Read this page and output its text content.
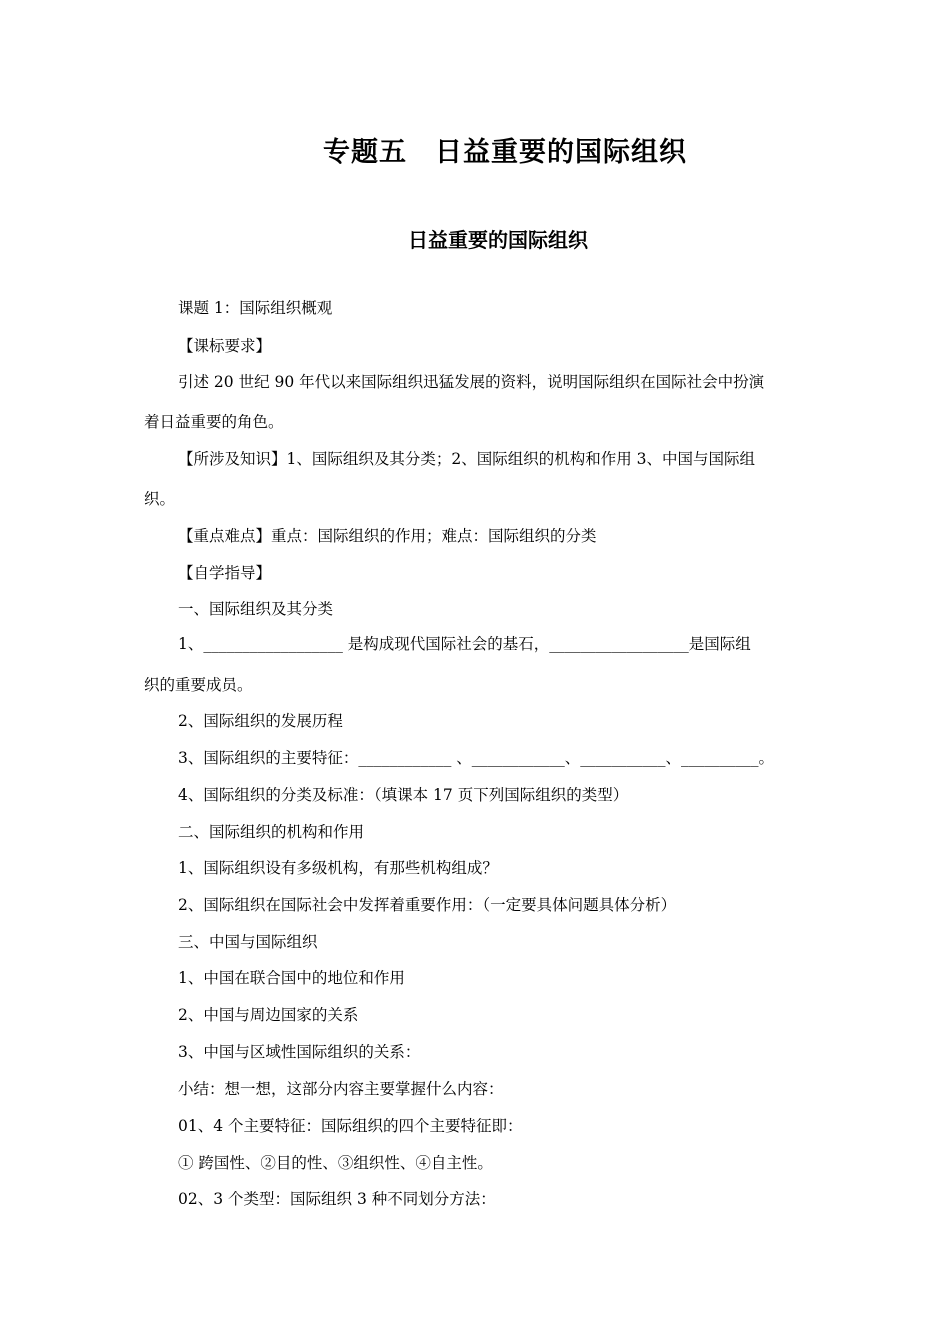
专题五　日益重要的国际组织
日益重要的国际组织
课题 1：国际组织概观
【课标要求】
引述 20 世纪 90 年代以来国际组织迅猛发展的资料，说明国际组织在国际社会中扮演
着日益重要的角色。
【所涉及知识】1、国际组织及其分类；2、国际组织的机构和作用 3、中国与国际组
织。
【重点难点】重点：国际组织的作用；难点：国际组织的分类
【自学指导】
一、国际组织及其分类
1、__________________ 是构成现代国际社会的基石，__________________是国际组
织的重要成员。
2、国际组织的发展历程
3、国际组织的主要特征：____________ 、____________、___________、__________。
4、国际组织的分类及标准：（填课本 17 页下列国际组织的类型）
二、国际组织的机构和作用
1、国际组织设有多级机构，有那些机构组成？
2、国际组织在国际社会中发挥着重要作用：（一定要具体问题具体分析）
三、中国与国际组织
1、中国在联合国中的地位和作用
2、中国与周边国家的关系
3、中国与区域性国际组织的关系：
小结：想一想，这部分内容主要掌握什么内容：
01、4 个主要特征：国际组织的四个主要特征即：
① 跨国性、②目的性、③组织性、④自主性。
02、3 个类型：国际组织 3 种不同划分方法：
